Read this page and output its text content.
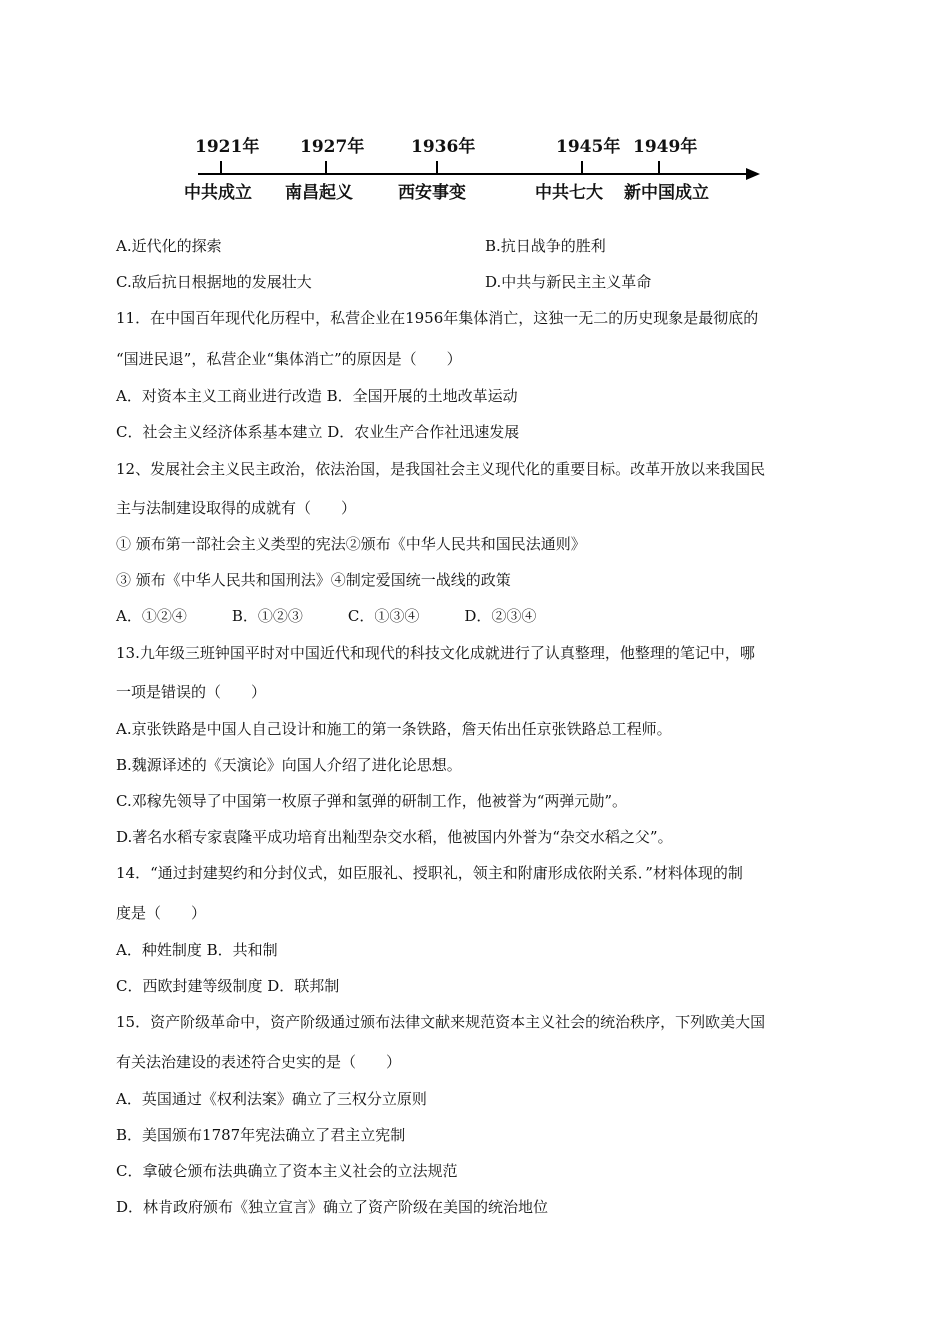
1921年 1927年	1936年	1945年 1949年
中共成立 南昌起义	西安事变	中共七大 新中国成立
A.近代化的探索	B.抗日战争的胜利
C.敌后抗日根据地的发展壮大	D.中共与新民主主义革命
11．在中国百年现代化历程中，私营企业在1956年集体消亡，这独一无二的历史现象是最彻底的
“国进民退”，私营企业“集体消亡”的原因是（　　）
A．对资本主义工商业进行改造 B．全国开展的土地改革运动
C．社会主义经济体系基本建立 D．农业生产合作社迅速发展
12、发展社会主义民主政治，依法治国，是我国社会主义现代化的重要目标。改革开放以来我国民
主与法制建设取得的成就有（　　）
① 颁布第一部社会主义类型的宪法②颁布《中华人民共和国民法通则》
③ 颁布《中华人民共和国刑法》④制定爱国统一战线的政策
A．①②④　　　B．①②③　　　C．①③④　　　D．②③④
13.九年级三班钟国平时对中国近代和现代的科技文化成就进行了认真整理，他整理的笔记中，哪
一项是错误的（　　）
A.京张铁路是中国人自己设计和施工的第一条铁路，詹天佑出任京张铁路总工程师。
B.魏源译述的《天演论》向国人介绍了进化论思想。
C.邓稼先领导了中国第一枚原子弹和氢弹的研制工作，他被誉为“两弹元勋”。
D.著名水稻专家袁隆平成功培育出籼型杂交水稻，他被国内外誉为“杂交水稻之父”。
14．“通过封建契约和分封仪式，如臣服礼、授职礼，领主和附庸形成依附关系．”材料体现的制
度是（　　）
A．种姓制度 B．共和制
C．西欧封建等级制度 D．联邦制
15．资产阶级革命中，资产阶级通过颁布法律文献来规范资本主义社会的统治秩序，下列欧美大国
有关法治建设的表述符合史实的是（　　）
A．英国通过《权利法案》确立了三权分立原则
B．美国颁布1787年宪法确立了君主立宪制
C．拿破仑颁布法典确立了资本主义社会的立法规范
D．林肯政府颁布《独立宣言》确立了资产阶级在美国的统治地位
